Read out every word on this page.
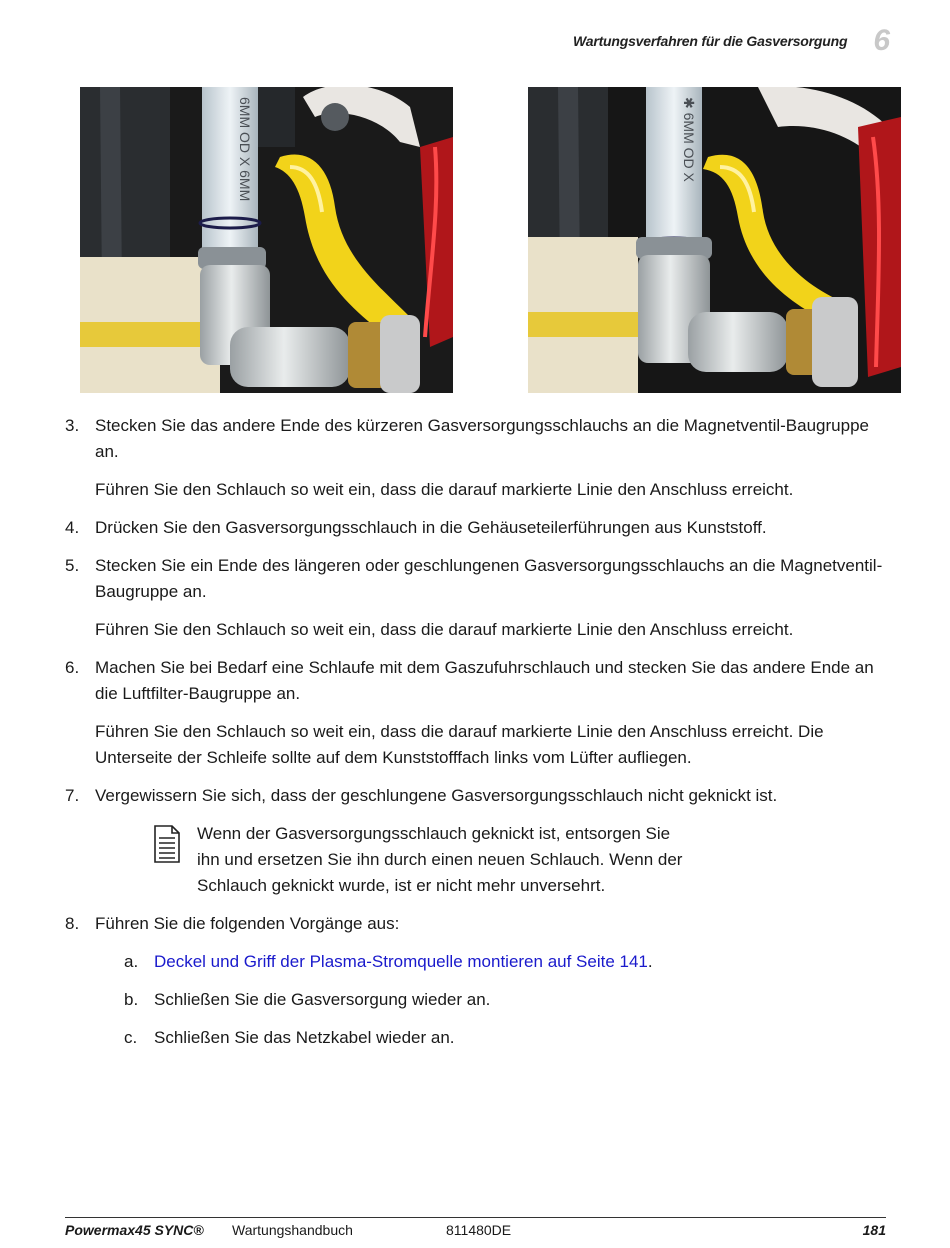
Wartungsverfahren für die Gasversorgung 6
6MM OD X 6MM	✱ 6MM OD X
3. Stecken Sie das andere Ende des kürzeren Gasversorgungsschlauchs an die Magnetventil-Baugruppe an.
Führen Sie den Schlauch so weit ein, dass die darauf markierte Linie den Anschluss erreicht.
4. Drücken Sie den Gasversorgungsschlauch in die Gehäuseteilerführungen aus Kunststoff.
5. Stecken Sie ein Ende des längeren oder geschlungenen Gasversorgungsschlauchs an die Magnetventil-Baugruppe an.
Führen Sie den Schlauch so weit ein, dass die darauf markierte Linie den Anschluss erreicht.
6. Machen Sie bei Bedarf eine Schlaufe mit dem Gaszufuhrschlauch und stecken Sie das andere Ende an die Luftfilter-Baugruppe an.
Führen Sie den Schlauch so weit ein, dass die darauf markierte Linie den Anschluss erreicht. Die Unterseite der Schleife sollte auf dem Kunststofffach links vom Lüfter aufliegen.
7. Vergewissern Sie sich, dass der geschlungene Gasversorgungsschlauch nicht geknickt ist.
Wenn der Gasversorgungsschlauch geknickt ist, entsorgen Sie ihn und ersetzen Sie ihn durch einen neuen Schlauch. Wenn der Schlauch geknickt wurde, ist er nicht mehr unversehrt.
8. Führen Sie die folgenden Vorgänge aus:
a. Deckel und Griff der Plasma-Stromquelle montieren auf Seite 141.
b. Schließen Sie die Gasversorgung wieder an.
c. Schließen Sie das Netzkabel wieder an.
Powermax45 SYNC® Wartungshandbuch	811480DE	181
